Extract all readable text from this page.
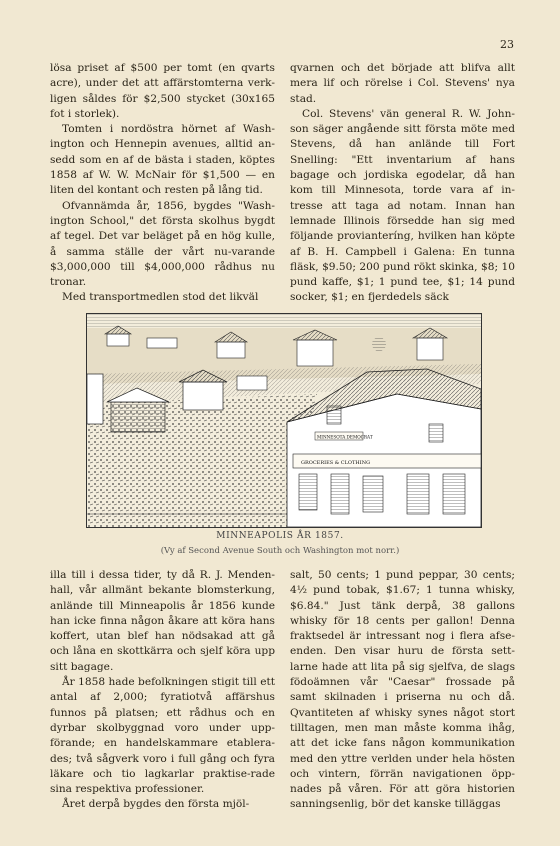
23

lösa priset af $500 per tomt (en qvarts acre), under det att affärstomterna verk-ligen såldes för $2,500 stycket (30x165 fot i storlek).

Tomten i nordöstra hörnet af Wash-ington och Hennepin avenues, alltid an-sedd som en af de bästa i staden, köptes 1858 af W. W. McNair för $1,500 — en liten del kontant och resten på lång tid.

Ofvannämda år, 1856, bygdes "Wash-ington School," det första skolhus bygdt af tegel. Det var beläget på en hög kulle, å samma ställe der vårt nu-varande $3,000,000 till $4,000,000 rådhus nu tronar.

Med transportmedlen stod det likväl

qvarnen och det började att blifva allt mera lif och rörelse i Col. Stevens' nya stad.

Col. Stevens' vän general R. W. John-son säger angående sitt första möte med Stevens, då han anlände till Fort Snelling: "Ett inventarium af hans bagage och jordiska egodelar, då han kom till Minnesota, torde vara af in-tresse att taga ad notam. Innan han lemnade Illinois försedde han sig med följande provianteríng, hvilken han köpte af B. H. Campbell i Galena: En tunna fläsk, $9.50; 200 pund rökt skinka, $8; 10 pund kaffe, $1; 1 pund tee, $1; 14 pund socker, $1; en fjerdedels säck

GROCERIES & CLOTHING
MINNESOTA DEMOCRAT
MINNEAPOLIS ÅR 1857.
(Vy af Second Avenue South och Washington mot norr.)

illa till i dessa tider, ty då R. J. Menden-hall, vår allmänt bekante blomsterkung, anlände till Minneapolis år 1856 kunde han icke finna någon åkare att köra hans koffert, utan blef han nödsakad att gå och låna en skottkärra och sjelf köra upp sitt bagage.

År 1858 hade befolkningen stigit till ett antal af 2,000; fyratiotvå affärshus funnos på platsen; ett rådhus och en dyrbar skolbyggnad voro under upp-förande; en handelskammare etablera-des; två sågverk voro i full gång och fyra läkare och tio lagkarlar praktise-rade sina respektiva professioner.

Året derpå bygdes den första mjöl-

salt, 50 cents; 1 pund peppar, 30 cents; 4½ pund tobak, $1.67; 1 tunna whisky, $6.84." Just tänk derpå, 38 gallons whisky för 18 cents per gallon! Denna fraktsedel är intressant nog i flera afse-enden. Den visar huru de första sett-larne hade att lita på sig sjelfva, de slags födoämnen vår "Caesar" frossade på samt skilnaden i priserna nu och då. Qvantiteten af whisky synes något stort tilltagen, men man måste komma ihåg, att det icke fans någon kommunikation med den yttre verlden under hela hösten och vintern, förrän navigationen öpp-nades på våren. För att göra historien sanningsenlig, bör det kanske tilläggas
